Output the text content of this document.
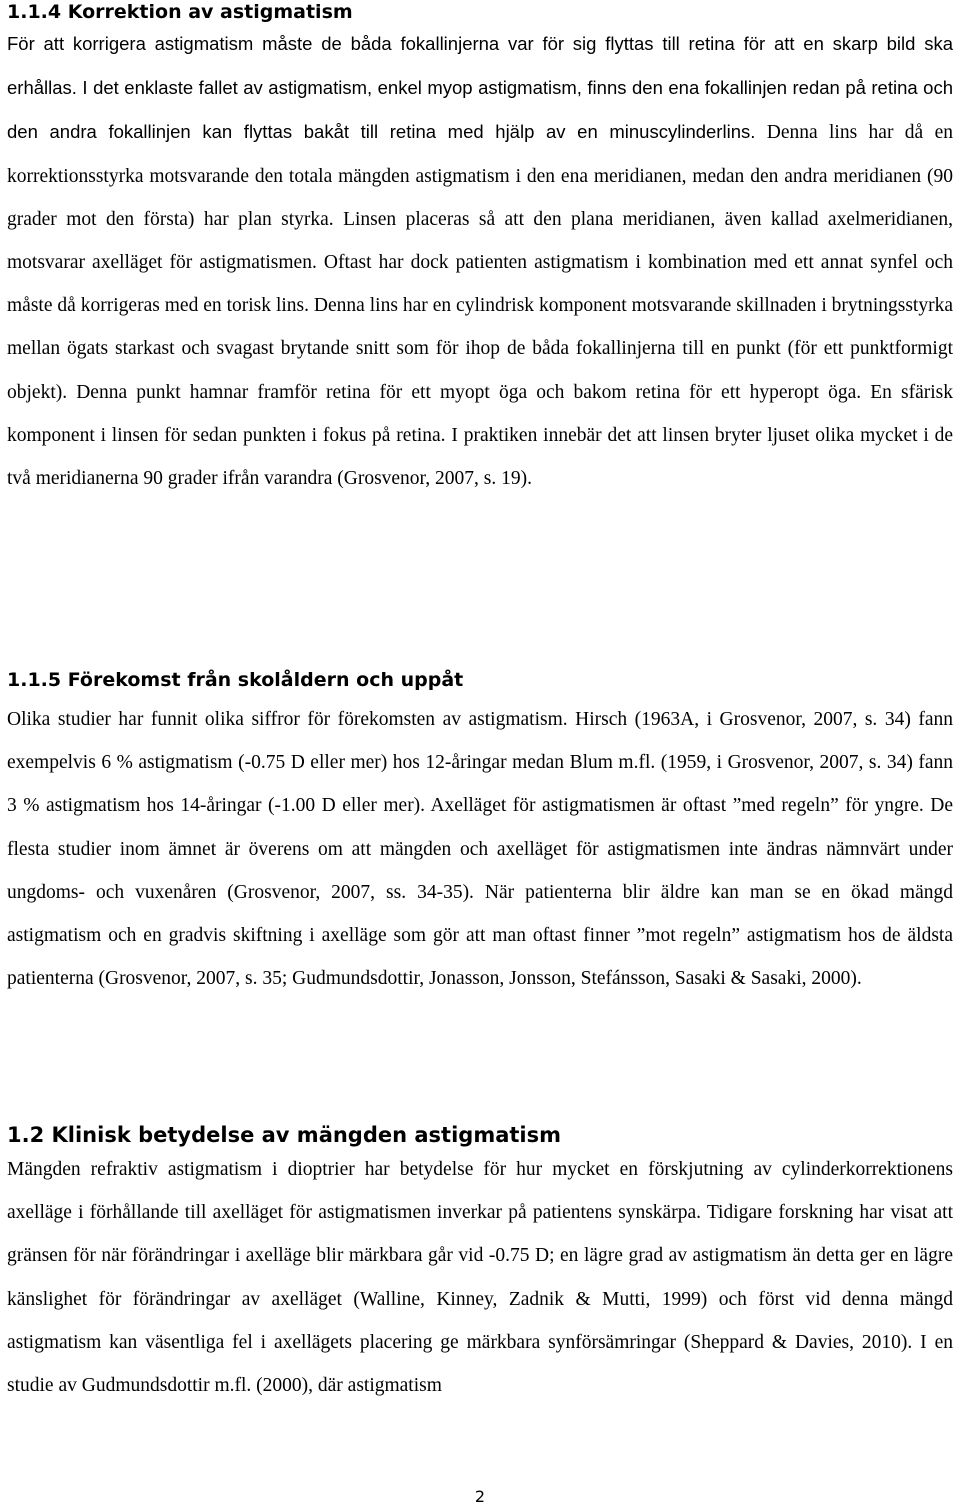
1.1.4 Korrektion av astigmatism

För att korrigera astigmatism måste de båda fokallinjerna var för sig flyttas till retina för att en skarp bild ska erhållas. I det enklaste fallet av astigmatism, enkel myop astigmatism, finns den ena fokallinjen redan på retina och den andra fokallinjen kan flyttas bakåt till retina med hjälp av en minuscylinderlins. Denna lins har då en korrektionsstyrka motsvarande den totala mängden astigmatism i den ena meridianen, medan den andra meridianen (90 grader mot den första) har plan styrka. Linsen placeras så att den plana meridianen, även kallad axelmeridianen, motsvarar axelläget för astigmatismen. Oftast har dock patienten astigmatism i kombination med ett annat synfel och måste då korrigeras med en torisk lins. Denna lins har en cylindrisk komponent motsvarande skillnaden i brytningsstyrka mellan ögats starkast och svagast brytande snitt som för ihop de båda fokallinjerna till en punkt (för ett punktformigt objekt). Denna punkt hamnar framför retina för ett myopt öga och bakom retina för ett hyperopt öga. En sfärisk komponent i linsen för sedan punkten i fokus på retina. I praktiken innebär det att linsen bryter ljuset olika mycket i de två meridianerna 90 grader ifrån varandra (Grosvenor, 2007, s. 19).

1.1.5 Förekomst från skolåldern och uppåt

Olika studier har funnit olika siffror för förekomsten av astigmatism. Hirsch (1963A, i Grosvenor, 2007, s. 34) fann exempelvis 6 % astigmatism (-0.75 D eller mer) hos 12-åringar medan Blum m.fl. (1959, i Grosvenor, 2007, s. 34) fann 3 % astigmatism hos 14-åringar (-1.00 D eller mer). Axelläget för astigmatismen är oftast ”med regeln” för yngre. De flesta studier inom ämnet är överens om att mängden och axelläget för astigmatismen inte ändras nämnvärt under ungdoms- och vuxenåren (Grosvenor, 2007, ss. 34-35). När patienterna blir äldre kan man se en ökad mängd astigmatism och en gradvis skiftning i axelläge som gör att man oftast finner ”mot regeln” astigmatism hos de äldsta patienterna (Grosvenor, 2007, s. 35; Gudmundsdottir, Jonasson, Jonsson, Stefánsson, Sasaki & Sasaki, 2000).

1.2 Klinisk betydelse av mängden astigmatism

Mängden refraktiv astigmatism i dioptrier har betydelse för hur mycket en förskjutning av cylinderkorrektionens axelläge i förhållande till axelläget för astigmatismen inverkar på patientens synskärpa. Tidigare forskning har visat att gränsen för när förändringar i axelläge blir märkbara går vid -0.75 D; en lägre grad av astigmatism än detta ger en lägre känslighet för förändringar av axelläget (Walline, Kinney, Zadnik & Mutti, 1999) och först vid denna mängd astigmatism kan väsentliga fel i axellägets placering ge märkbara synförsämringar (Sheppard & Davies, 2010). I en studie av Gudmundsdottir m.fl. (2000), där astigmatism

2
